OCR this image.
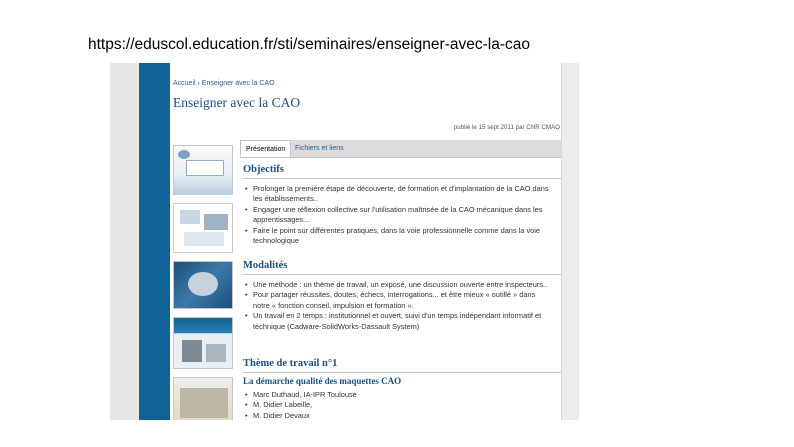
https://eduscol.education.fr/sti/seminaires/enseigner-avec-la-cao
Accueil › Enseigner avec la CAO
Enseigner avec la CAO
publié le 15 sept 2011 par CNR CMAO
Présentation	Fichiers et liens
Objectifs
• Prolonger la première étape de découverte, de formation et d'implantation de la CAO dans les établissements..
• Engager une réflexion collective sur l'utilisation maîtrisée de la CAO mécanique dans les apprentissages...
• Faire le point sur différentes pratiques, dans la voie professionnelle comme dans la voie technologique
Modalités
• Une méthode : un thème de travail, un exposé, une discussion ouverte entre inspecteurs..
• Pour partager réussites, doutes, échecs, interrogations... et être mieux « outillé » dans notre « fonction conseil, impulsion et formation ».
• Un travail en 2 temps : institutionnel et ouvert, suivi d'un temps indépendant informatif et technique (Cadware-SolidWorks-Dassault System)
Thème de travail n°1
La démarche qualité des maquettes CAO
• Marc Duthaud, IA-IPR Toulouse
• M. Didier Labeille,
• M. Didier Devaux
